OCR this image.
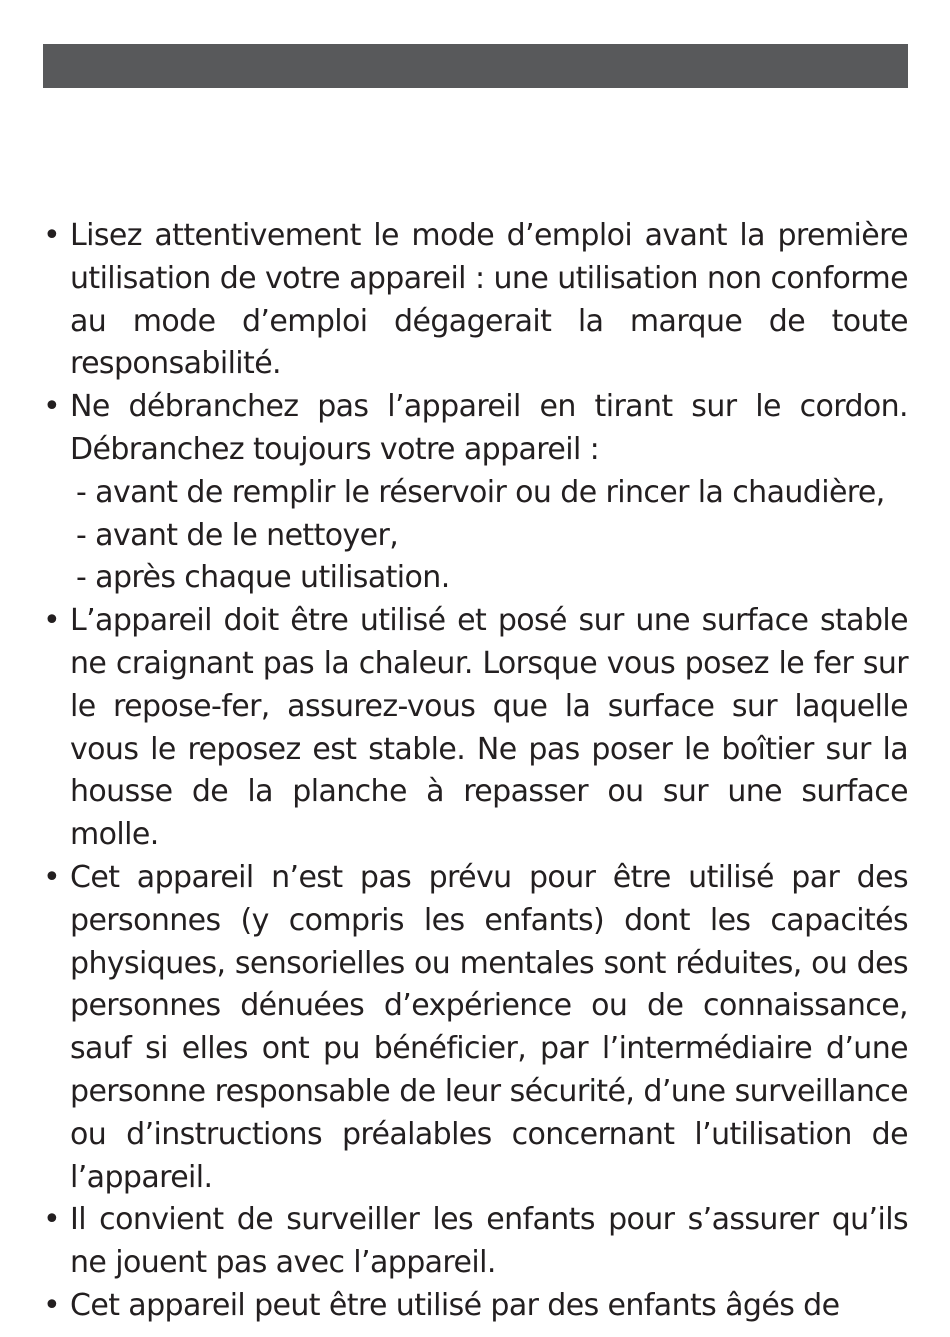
• Lisez attentivement le mode d’emploi avant la première utilisation de votre appareil : une utilisation non conforme au mode d’emploi dégagerait la marque de toute responsabilité.

• Ne débranchez pas l’appareil en tirant sur le cordon. Débranchez toujours votre appareil :

- avant de remplir le réservoir ou de rincer la chaudière,
- avant de le nettoyer,
- après chaque utilisation.

• L’appareil doit être utilisé et posé sur une surface stable ne craignant pas la chaleur. Lorsque vous posez le fer sur le repose-fer, assurez-vous que la surface sur laquelle vous le reposez est stable. Ne pas poser le boîtier sur la housse de la planche à repasser ou sur une surface molle.

• Cet appareil n’est pas prévu pour être utilisé par des personnes (y compris les enfants) dont les capacités physiques, sensorielles ou mentales sont réduites, ou des personnes dénuées d’expérience ou de connaissance, sauf si elles ont pu bénéficier, par l’intermédiaire d’une personne responsable de leur sécurité, d’une surveillance ou d’instructions préalables concernant l’utilisation de l’appareil.

• Il convient de surveiller les enfants pour s’assurer qu’ils ne jouent pas avec l’appareil.

• Cet appareil peut être utilisé par des enfants âgés de
